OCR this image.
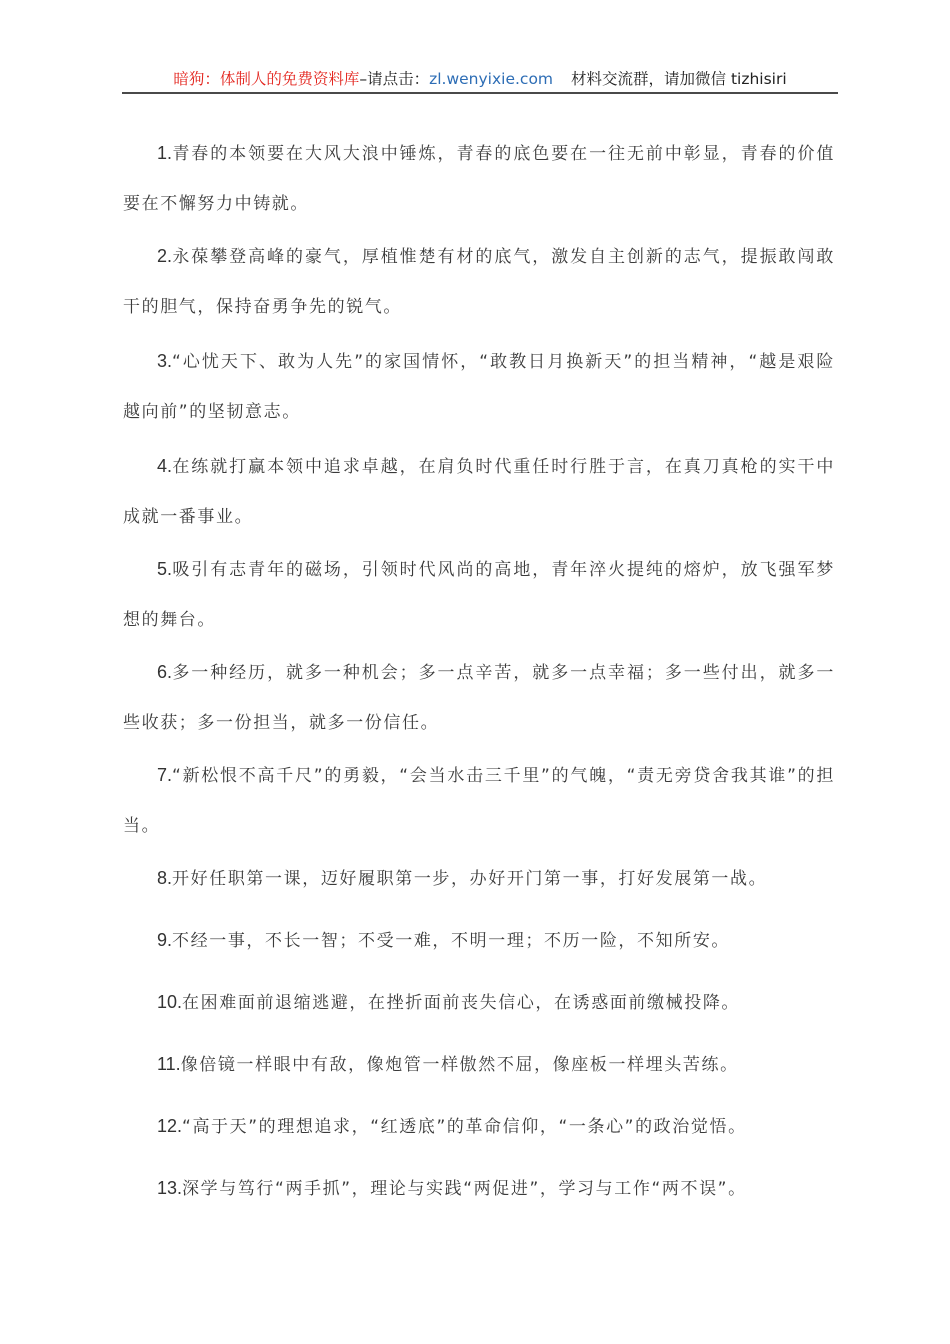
暗狗：体制人的免费资料库–请点击：zl.wenyixie.com 材料交流群，请加微信 tizhisiri

1.青春的本领要在大风大浪中锤炼，青春的底色要在一往无前中彰显，青春的价值要在不懈努力中铸就。

2.永葆攀登高峰的豪气，厚植惟楚有材的底气，激发自主创新的志气，提振敢闯敢干的胆气，保持奋勇争先的锐气。

3.“心忧天下、敢为人先”的家国情怀，“敢教日月换新天”的担当精神，“越是艰险越向前”的坚韧意志。

4.在练就打赢本领中追求卓越，在肩负时代重任时行胜于言，在真刀真枪的实干中成就一番事业。

5.吸引有志青年的磁场，引领时代风尚的高地，青年淬火提纯的熔炉，放飞强军梦想的舞台。

6.多一种经历，就多一种机会；多一点辛苦，就多一点幸福；多一些付出，就多一些收获；多一份担当，就多一份信任。

7.“新松恨不高千尺”的勇毅，“会当水击三千里”的气魄，“责无旁贷舍我其谁”的担当。

8.开好任职第一课，迈好履职第一步，办好开门第一事，打好发展第一战。

9.不经一事，不长一智；不受一难，不明一理；不历一险，不知所安。

10.在困难面前退缩逃避，在挫折面前丧失信心，在诱惑面前缴械投降。

11.像倍镜一样眼中有敌，像炮管一样傲然不屈，像座板一样埋头苦练。

12.“高于天”的理想追求，“红透底”的革命信仰，“一条心”的政治觉悟。

13.深学与笃行“两手抓”，理论与实践“两促进”，学习与工作“两不误”。
